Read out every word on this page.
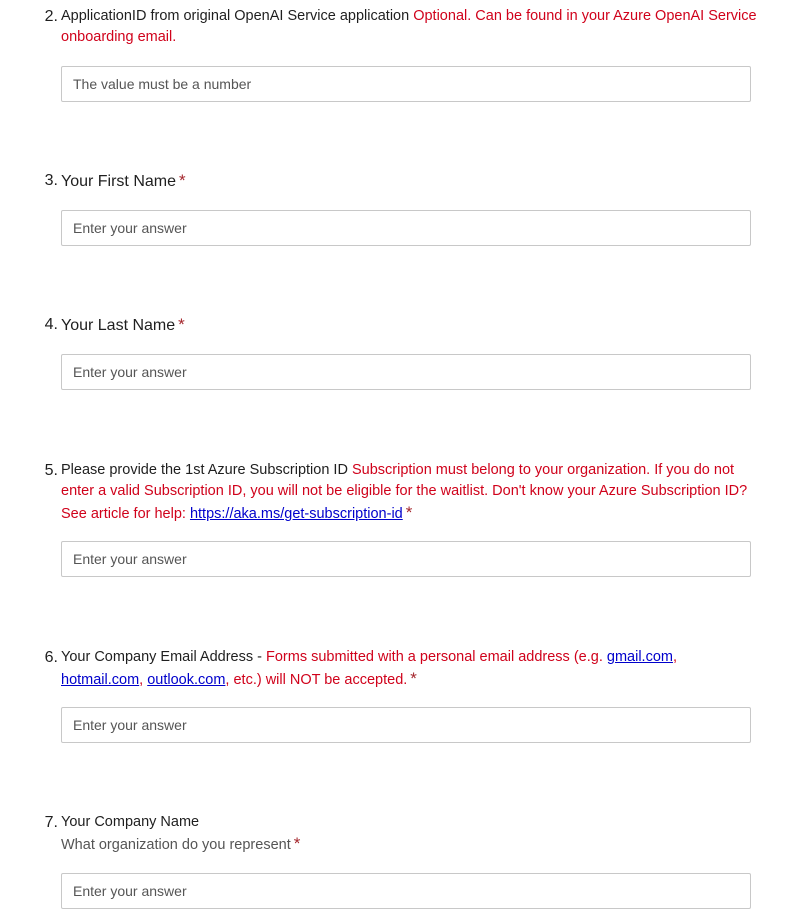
2. ApplicationID from original OpenAI Service application Optional. Can be found in your Azure OpenAI Service onboarding email.
The value must be a number
3. Your First Name *
Enter your answer
4. Your Last Name *
Enter your answer
5. Please provide the 1st Azure Subscription ID Subscription must belong to your organization. If you do not enter a valid Subscription ID, you will not be eligible for the waitlist. Don't know your Azure Subscription ID? See article for help: https://aka.ms/get-subscription-id *
Enter your answer
6. Your Company Email Address - Forms submitted with a personal email address (e.g. gmail.com, hotmail.com, outlook.com, etc.) will NOT be accepted. *
Enter your answer
7. Your Company Name
What organization do you represent *
Enter your answer
